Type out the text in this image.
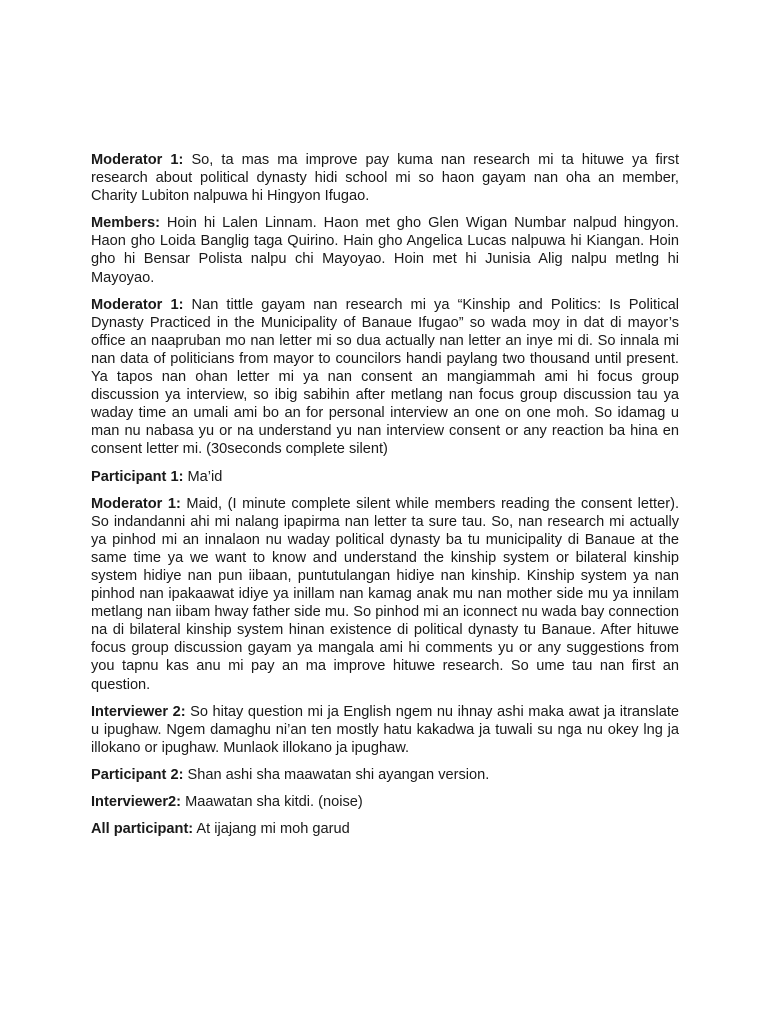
Moderator 1: So, ta mas ma improve pay kuma nan research mi ta hituwe ya first research about political dynasty hidi school mi so haon gayam nan oha an member, Charity Lubiton nalpuwa hi Hingyon Ifugao.

Members: Hoin hi Lalen Linnam. Haon met gho Glen Wigan Numbar nalpud hingyon. Haon gho Loida Banglig taga Quirino. Hain gho Angelica Lucas nalpuwa hi Kiangan. Hoin gho hi Bensar Polista nalpu chi Mayoyao. Hoin met hi Junisia Alig nalpu metlng hi Mayoyao.

Moderator 1: Nan tittle gayam nan research mi ya “Kinship and Politics: Is Political Dynasty Practiced in the Municipality of Banaue Ifugao” so wada moy in dat di mayor’s office an naapruban mo nan letter mi so dua actually nan letter an inye mi di. So innala mi nan data of politicians from mayor to councilors handi paylang two thousand until present. Ya tapos nan ohan letter mi ya nan consent an mangiammah ami hi focus group discussion ya interview, so ibig sabihin after metlang nan focus group discussion tau ya waday time an umali ami bo an for personal interview an one on one moh. So idamag u man nu nabasa yu or na understand yu nan interview consent or any reaction ba hina en consent letter mi. (30seconds complete silent)

Participant 1: Ma’id

Moderator 1: Maid, (I minute complete silent while members reading the consent letter). So indandanni ahi mi nalang ipapirma nan letter ta sure tau. So, nan research mi actually ya pinhod mi an innalaon nu waday political dynasty ba tu municipality di Banaue at the same time ya we want to know and understand the kinship system or bilateral kinship system hidiye nan pun iibaan, puntutulangan hidiye nan kinship. Kinship system ya nan pinhod nan ipakaawat idiye ya inillam nan kamag anak mu nan mother side mu ya innilam metlang nan iibam hway father side mu. So pinhod mi an iconnect nu wada bay connection na di bilateral kinship system hinan existence di political dynasty tu Banaue. After hituwe focus group discussion gayam ya mangala ami hi comments yu or any suggestions from you tapnu kas anu mi pay an ma improve hituwe research. So ume tau nan first an question.

Interviewer 2: So hitay question mi ja English ngem nu ihnay ashi maka awat ja itranslate u ipughaw. Ngem damaghu ni’an ten mostly hatu kakadwa ja tuwali su nga nu okey lng ja illokano or ipughaw. Munlaok illokano ja ipughaw.

Participant 2: Shan ashi sha maawatan shi ayangan version.

Interviewer2: Maawatan sha kitdi. (noise)

All participant: At ijajang mi moh garud
